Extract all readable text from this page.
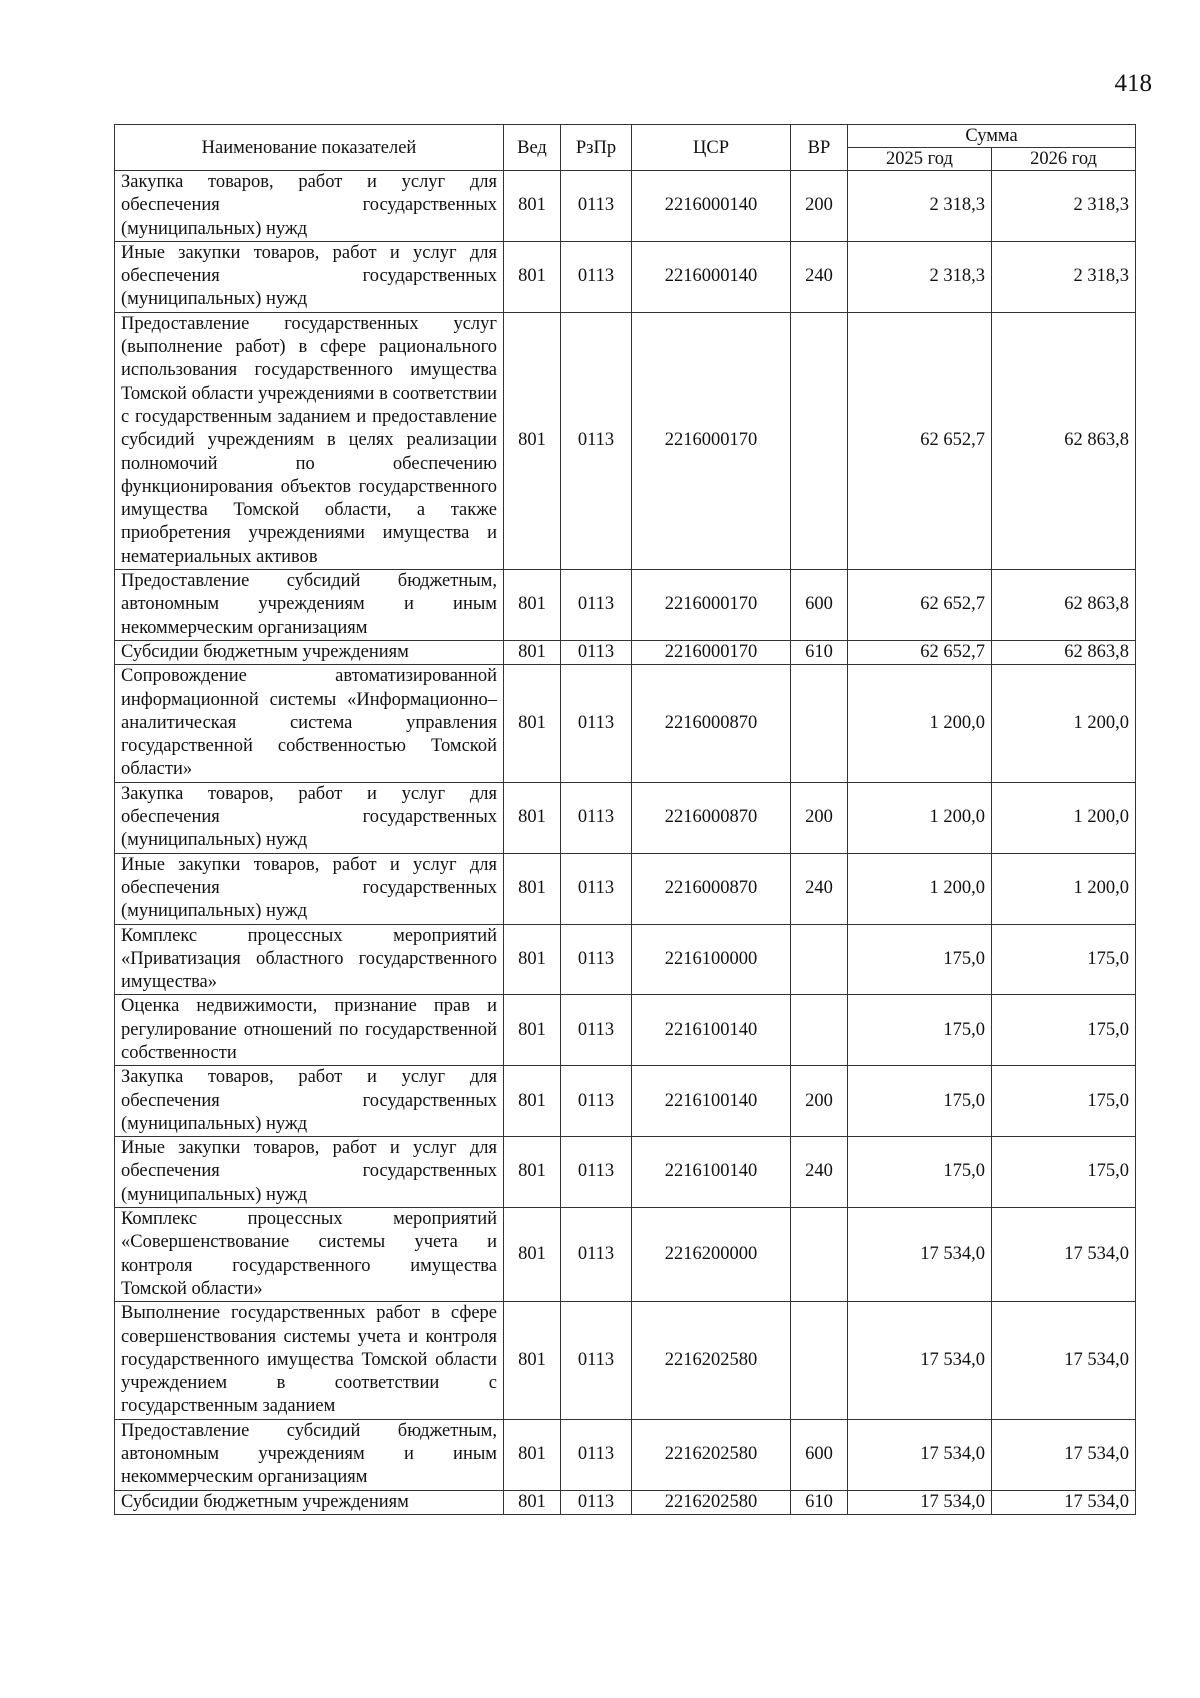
418
Наименование показателей	Вед	РзПр	ЦСР	ВР	Сумма	
					2025 год	2026 год
Закупка товаров, работ и услуг для обеспечения государственных (муниципальных) нужд	801	0113	2216000140	200	2 318,3	2 318,3
Иные закупки товаров, работ и услуг для обеспечения государственных (муниципальных) нужд	801	0113	2216000140	240	2 318,3	2 318,3
Предоставление государственных услуг (выполнение работ) в сфере рационального использования государственного имущества Томской области учреждениями в соответствии с государственным заданием и предоставление субсидий учреждениям в целях реализации полномочий по обеспечению функционирования объектов государственного имущества Томской области, а также приобретения учреждениями имущества и нематериальных активов	801	0113	2216000170		62 652,7	62 863,8
Предоставление субсидий бюджетным, автономным учреждениям и иным некоммерческим организациям	801	0113	2216000170	600	62 652,7	62 863,8
Субсидии бюджетным учреждениям	801	0113	2216000170	610	62 652,7	62 863,8
Сопровождение автоматизированной информационной системы «Информационно–аналитическая система управления государственной собственностью Томской области»	801	0113	2216000870		1 200,0	1 200,0
Закупка товаров, работ и услуг для обеспечения государственных (муниципальных) нужд	801	0113	2216000870	200	1 200,0	1 200,0
Иные закупки товаров, работ и услуг для обеспечения государственных (муниципальных) нужд	801	0113	2216000870	240	1 200,0	1 200,0
Комплекс процессных мероприятий «Приватизация областного государственного имущества»	801	0113	2216100000		175,0	175,0
Оценка недвижимости, признание прав и регулирование отношений по государственной собственности	801	0113	2216100140		175,0	175,0
Закупка товаров, работ и услуг для обеспечения государственных (муниципальных) нужд	801	0113	2216100140	200	175,0	175,0
Иные закупки товаров, работ и услуг для обеспечения государственных (муниципальных) нужд	801	0113	2216100140	240	175,0	175,0
Комплекс процессных мероприятий «Совершенствование системы учета и контроля государственного имущества Томской области»	801	0113	2216200000		17 534,0	17 534,0
Выполнение государственных работ в сфере совершенствования системы учета и контроля государственного имущества Томской области учреждением в соответствии с государственным заданием	801	0113	2216202580		17 534,0	17 534,0
Предоставление субсидий бюджетным, автономным учреждениям и иным некоммерческим организациям	801	0113	2216202580	600	17 534,0	17 534,0
Субсидии бюджетным учреждениям	801	0113	2216202580	610	17 534,0	17 534,0
